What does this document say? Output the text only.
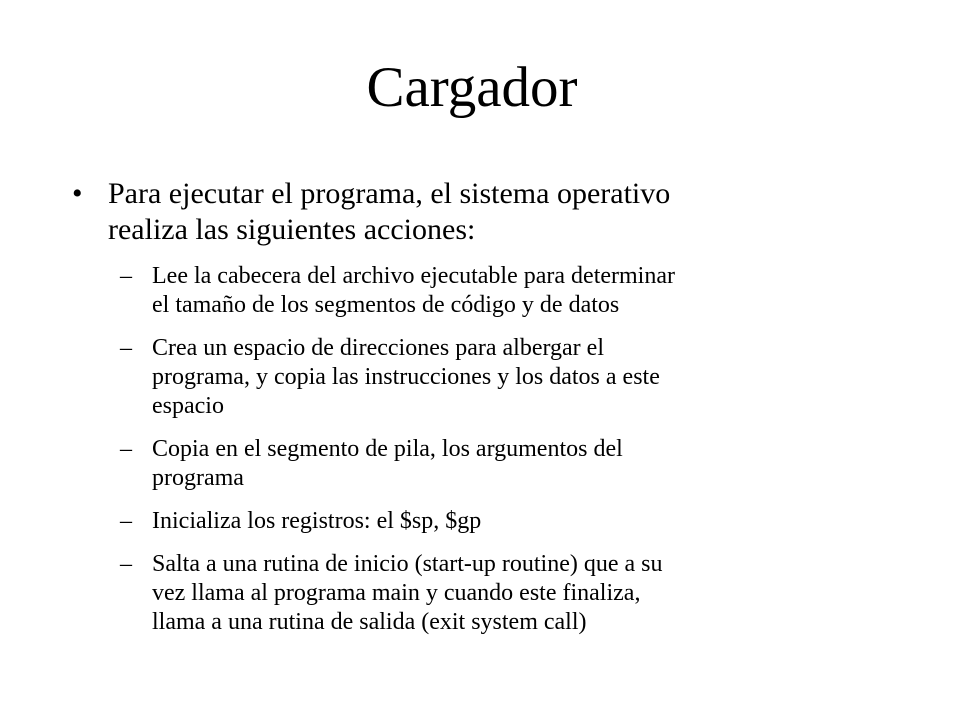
Cargador
• Para ejecutar el programa, el sistema operativo
realiza las siguientes acciones:
– Lee la cabecera del archivo ejecutable para determinar
el tamaño de los segmentos de código y de datos
– Crea un espacio de direcciones para albergar el
programa, y copia las instrucciones y los datos a este
espacio
– Copia en el segmento de pila, los argumentos del
programa
– Inicializa los registros: el $sp, $gp
– Salta a una rutina de inicio (start-up routine) que a su
vez llama al programa main y cuando este finaliza,
llama a una rutina de salida (exit system call)
